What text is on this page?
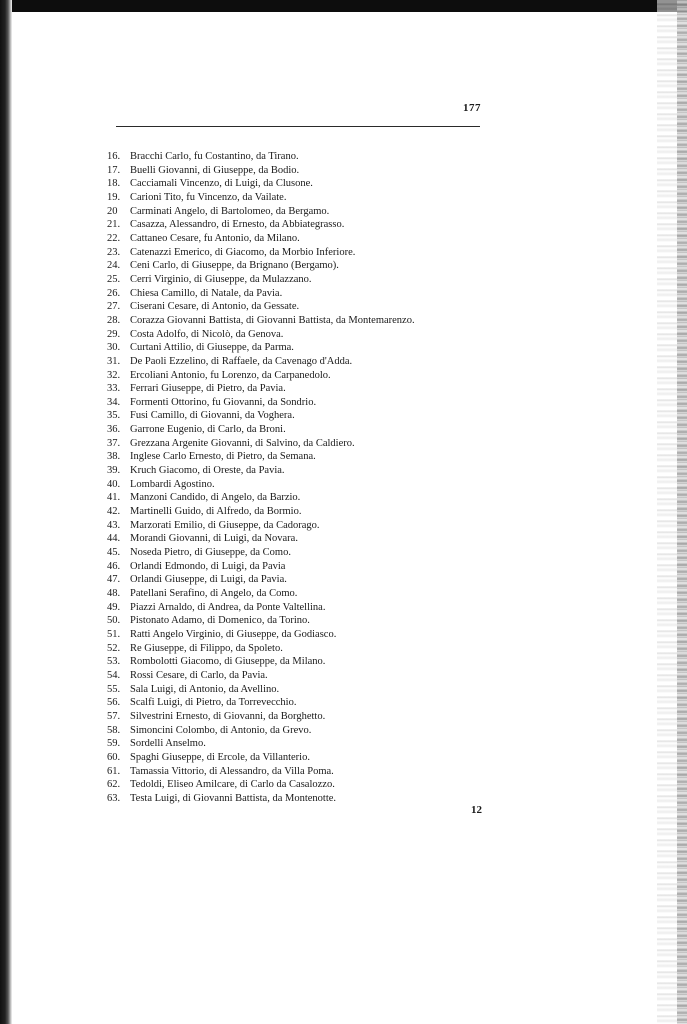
177
16. Bracchi Carlo, fu Costantino, da Tirano.
17. Buelli Giovanni, di Giuseppe, da Bodio.
18. Cacciamali Vincenzo, di Luigi, da Clusone.
19. Carioni Tito, fu Vincenzo, da Vailate.
20 Carminati Angelo, di Bartolomeo, da Bergamo.
21. Casazza, Alessandro, di Ernesto, da Abbiategrasso.
22. Cattaneo Cesare, fu Antonio, da Milano.
23. Catenazzi Emerico, di Giacomo, da Morbio Inferiore.
24. Ceni Carlo, di Giuseppe, da Brignano (Bergamo).
25. Cerri Virginio, di Giuseppe, da Mulazzano.
26. Chiesa Camillo, di Natale, da Pavia.
27. Ciserani Cesare, di Antonio, da Gessate.
28. Corazza Giovanni Battista, di Giovanni Battista, da Montemarenzo.
29. Costa Adolfo, di Nicolò, da Genova.
30. Curtani Attilio, di Giuseppe, da Parma.
31. De Paoli Ezzelino, di Raffaele, da Cavenago d'Adda.
32. Ercoliani Antonio, fu Lorenzo, da Carpanedolo.
33. Ferrari Giuseppe, di Pietro, da Pavia.
34. Formenti Ottorino, fu Giovanni, da Sondrio.
35. Fusi Camillo, di Giovanni, da Voghera.
36. Garrone Eugenio, di Carlo, da Broni.
37. Grezzana Argenite Giovanni, di Salvino, da Caldiero.
38. Inglese Carlo Ernesto, di Pietro, da Semana.
39. Kruch Giacomo, di Oreste, da Pavia.
40. Lombardi Agostino.
41. Manzoni Candido, di Angelo, da Barzio.
42. Martinelli Guido, di Alfredo, da Bormio.
43. Marzorati Emilio, di Giuseppe, da Cadorago.
44. Morandi Giovanni, di Luigi, da Novara.
45. Noseda Pietro, di Giuseppe, da Como.
46. Orlandi Edmondo, di Luigi, da Pavia
47. Orlandi Giuseppe, di Luigi, da Pavia.
48. Patellani Serafino, di Angelo, da Como.
49. Piazzi Arnaldo, di Andrea, da Ponte Valtellina.
50. Pistonato Adamo, di Domenico, da Torino.
51. Ratti Angelo Virginio, di Giuseppe, da Godiasco.
52. Re Giuseppe, di Filippo, da Spoleto.
53. Rombolotti Giacomo, di Giuseppe, da Milano.
54. Rossi Cesare, di Carlo, da Pavia.
55. Sala Luigi, di Antonio, da Avellino.
56. Scalfi Luigi, di Pietro, da Torrevecchio.
57. Silvestrini Ernesto, di Giovanni, da Borghetto.
58. Simoncini Colombo, di Antonio, da Grevo.
59. Sordelli Anselmo.
60. Spaghi Giuseppe, di Ercole, da Villanterio.
61. Tamassia Vittorio, di Alessandro, da Villa Poma.
62. Tedoldi, Eliseo Amilcare, di Carlo da Casalozzo.
63. Testa Luigi, di Giovanni Battista, da Montenotte.
12
